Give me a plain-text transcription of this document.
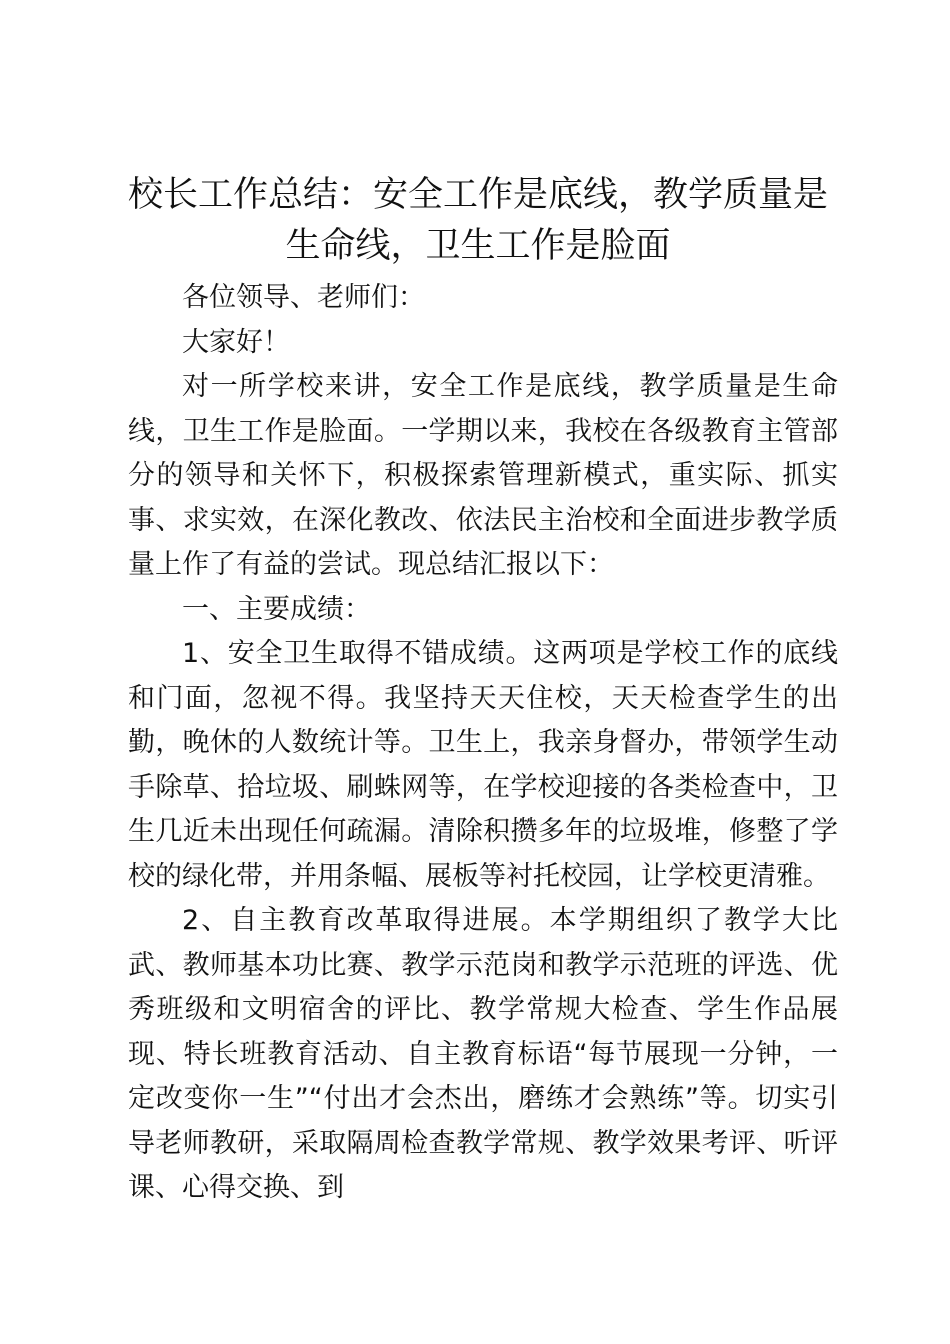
校长工作总结：安全工作是底线，教学质量是生命线，卫生工作是脸面

各位领导、老师们：

大家好！

对一所学校来讲，安全工作是底线，教学质量是生命线，卫生工作是脸面。一学期以来，我校在各级教育主管部分的领导和关怀下，积极探索管理新模式，重实际、抓实事、求实效，在深化教改、依法民主治校和全面进步教学质量上作了有益的尝试。现总结汇报以下：

一、主要成绩：

1、安全卫生取得不错成绩。这两项是学校工作的底线和门面，忽视不得。我坚持天天住校，天天检查学生的出勤，晚休的人数统计等。卫生上，我亲身督办，带领学生动手除草、拾垃圾、刷蛛网等，在学校迎接的各类检查中，卫生几近未出现任何疏漏。清除积攒多年的垃圾堆，修整了学校的绿化带，并用条幅、展板等衬托校园，让学校更清雅。

2、自主教育改革取得进展。本学期组织了教学大比武、教师基本功比赛、教学示范岗和教学示范班的评选、优秀班级和文明宿舍的评比、教学常规大检查、学生作品展现、特长班教育活动、自主教育标语“每节展现一分钟，一定改变你一生”“付出才会杰出，磨练才会熟练”等。切实引导老师教研，采取隔周检查教学常规、教学效果考评、听评课、心得交换、到
